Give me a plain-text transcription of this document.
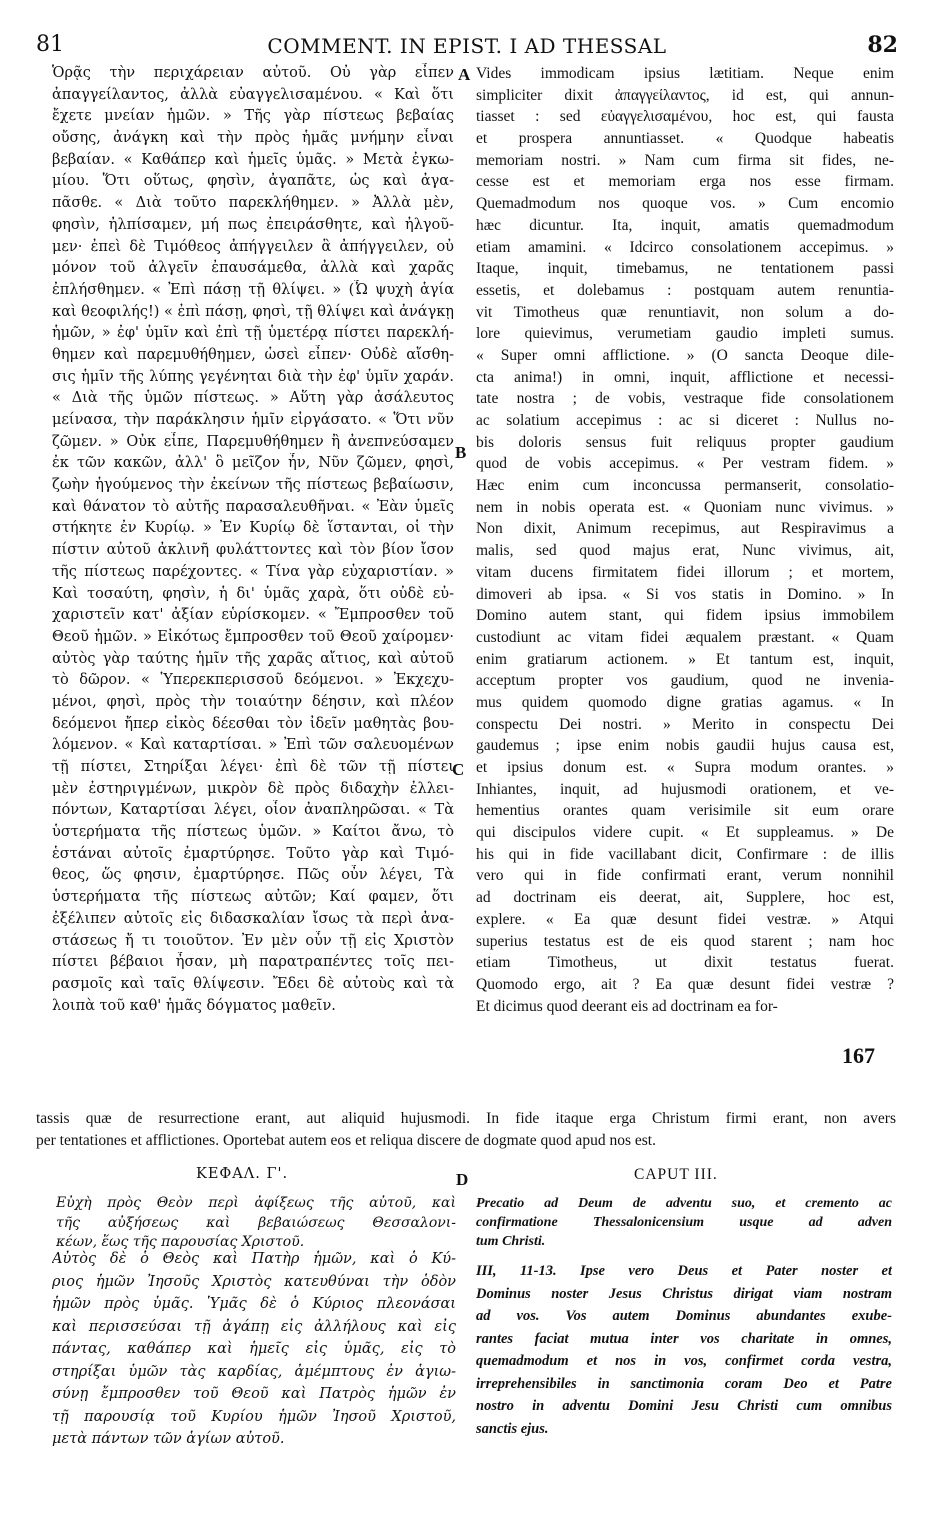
81	COMMENT. IN EPIST. I AD THESSAL	82
Ὁρᾷς τὴν περιχάρειαν αὐτοῦ. Οὐ γὰρ εἶπεν
ἀπαγγείλαντος, ἀλλὰ εὐαγγελισαμένου. « Καὶ ὅτι
ἔχετε μνείαν ἡμῶν. » Τῆς γὰρ πίστεως βεβαίας
οὔσης, ἀνάγκη καὶ τὴν πρὸς ἡμᾶς μνήμην εἶναι
βεβαίαν. « Καθάπερ καὶ ἡμεῖς ὑμᾶς. » Μετὰ ἐγκω-
μίου. Ὅτι οὕτως, φησὶν, ἀγαπᾶτε, ὡς καὶ ἀγα-
πᾶσθε. « Διὰ τοῦτο παρεκλήθημεν. » Ἀλλὰ μὲν,
φησὶν, ἠλπίσαμεν, μή πως ἐπειράσθητε, καὶ ἠλγοῦ-
μεν· ἐπεὶ δὲ Τιμόθεος ἀπήγγειλεν ἃ ἀπήγγειλεν, οὐ
μόνον τοῦ ἀλγεῖν ἐπαυσάμεθα, ἀλλὰ καὶ χαρᾶς
ἐπλήσθημεν. « Ἐπὶ πάσῃ τῇ θλίψει. » (Ὦ ψυχὴ ἁγία
καὶ θεοφιλής!) « ἐπὶ πάσῃ, φησὶ, τῇ θλίψει καὶ ἀνάγκῃ
ἡμῶν, » ἐφ' ὑμῖν καὶ ἐπὶ τῇ ὑμετέρᾳ πίστει παρεκλή-
θημεν καὶ παρεμυθήθημεν, ὡσεὶ εἶπεν· Οὐδὲ αἴσθη-
σις ἡμῖν τῆς λύπης γεγένηται διὰ τὴν ἐφ' ὑμῖν χαράν.
« Διὰ τῆς ὑμῶν πίστεως. » Αὕτη γὰρ ἀσάλευτος
μείνασα, τὴν παράκλησιν ἡμῖν εἰργάσατο. « Ὅτι νῦν
ζῶμεν. » Οὐκ εἶπε, Παρεμυθήθημεν ἢ ἀνεπνεύσαμεν
ἐκ τῶν κακῶν, ἀλλ' ὃ μεῖζον ἦν, Νῦν ζῶμεν, φησὶ,
ζωὴν ἡγούμενος τὴν ἐκείνων τῆς πίστεως βεβαίωσιν,
καὶ θάνατον τὸ αὐτῆς παρασαλευθῆναι. « Ἐὰν ὑμεῖς
στήκητε ἐν Κυρίῳ. » Ἐν Κυρίῳ δὲ ἵστανται, οἱ τὴν
πίστιν αὐτοῦ ἀκλινῆ φυλάττοντες καὶ τὸν βίον ἴσον
τῆς πίστεως παρέχοντες. « Τίνα γὰρ εὐχαριστίαν. »
Καὶ τοσαύτη, φησὶν, ἡ δι' ὑμᾶς χαρὰ, ὅτι οὐδὲ εὐ-
χαριστεῖν κατ' ἀξίαν εὑρίσκομεν. « Ἔμπροσθεν τοῦ
Θεοῦ ἡμῶν. » Εἰκότως ἔμπροσθεν τοῦ Θεοῦ χαίρομεν·
αὐτὸς γὰρ ταύτης ἡμῖν τῆς χαρᾶς αἴτιος, καὶ αὐτοῦ
τὸ δῶρον. « Ὑπερεκπερισσοῦ δεόμενοι. » Ἐκχεχυ-
μένοι, φησὶ, πρὸς τὴν τοιαύτην δέησιν, καὶ πλέον
δεόμενοι ἤπερ εἰκὸς δέεσθαι τὸν ἰδεῖν μαθητὰς βου-
λόμενον. « Καὶ καταρτίσαι. » Ἐπὶ τῶν σαλευομένων
τῇ πίστει, Στηρίξαι λέγει· ἐπὶ δὲ τῶν τῇ πίστει
μὲν ἐστηριγμένων, μικρὸν δὲ πρὸς διδαχὴν ἐλλει-
πόντων, Καταρτίσαι λέγει, οἷον ἀναπληρῶσαι. « Τὰ
ὑστερήματα τῆς πίστεως ὑμῶν. » Καίτοι ἄνω, τὸ
ἑστάναι αὐτοῖς ἐμαρτύρησε. Τοῦτο γὰρ καὶ Τιμό-
θεος, ὥς φησιν, ἐμαρτύρησε. Πῶς οὖν λέγει, Τὰ
ὑστερήματα τῆς πίστεως αὐτῶν; Καί φαμεν, ὅτι
ἐξέλιπεν αὐτοῖς εἰς διδασκαλίαν ἴσως τὰ περὶ ἀνα-
στάσεως ἤ τι τοιοῦτον. Ἐν μὲν οὖν τῇ εἰς Χριστὸν
πίστει βέβαιοι ἦσαν, μὴ παρατραπέντες τοῖς πει-
ρασμοῖς καὶ ταῖς θλίψεσιν. Ἔδει δὲ αὐτοὺς καὶ τὰ
λοιπὰ τοῦ καθ' ἡμᾶς δόγματος μαθεῖν.
Vides immodicam ipsius lætitiam. Neque enim
simpliciter dixit ἀπαγγείλαντος, id est, qui annun-
tiasset : sed εὐαγγελισαμένου, hoc est, qui fausta
et prospera annuntiasset. « Quodque habeatis
memoriam nostri. » Nam cum firma sit fides, ne-
cesse est et memoriam erga nos esse firmam.
Quemadmodum nos quoque vos. » Cum encomio
hæc dicuntur. Ita, inquit, amatis quemadmodum
etiam amamini. « Idcirco consolationem accepimus. »
Itaque, inquit, timebamus, ne tentationem passi
essetis, et dolebamus : postquam autem renuntia-
vit Timotheus quæ renuntiavit, non solum a do-
lore quievimus, verumetiam gaudio impleti sumus.
« Super omni afflictione. » (O sancta Deoque dile-
cta anima!) in omni, inquit, afflictione et necessi-
tate nostra ; de vobis, vestraque fide consolationem
ac solatium accepimus : ac si diceret : Nullus no-
bis doloris sensus fuit reliquus propter gaudium
quod de vobis accepimus. « Per vestram fidem. »
Hæc enim cum inconcussa permanserit, consolatio-
nem in nobis operata est. « Quoniam nunc vivimus. »
Non dixit, Animum recepimus, aut Respiravimus a
malis, sed quod majus erat, Nunc vivimus, ait,
vitam ducens firmitatem fidei illorum ; et mortem,
dimoveri ab ipsa. « Si vos statis in Domino. » In
Domino autem stant, qui fidem ipsius immobilem
custodiunt ac vitam fidei æqualem præstant. « Quam
enim gratiarum actionem. » Et tantum est, inquit,
acceptum propter vos gaudium, quod ne invenia-
mus quidem quomodo digne gratias agamus. « In
conspectu Dei nostri. » Merito in conspectu Dei
gaudemus ; ipse enim nobis gaudii hujus causa est,
et ipsius donum est. « Supra modum orantes. »
Inhiantes, inquit, ad hujusmodi orationem, et ve-
hementius orantes quam verisimile sit eum orare
qui discipulos videre cupit. « Et suppleamus. » De
his qui in fide vacillabant dicit, Confirmare : de illis
vero qui in fide confirmati erant, verum nonnihil
ad doctrinam eis deerat, ait, Supplere, hoc est,
explere. « Ea quæ desunt fidei vestræ. » Atqui
superius testatus est de eis quod starent ; nam hoc
etiam Timotheus, ut dixit testatus fuerat.
Quomodo ergo, ait ? Ea quæ desunt fidei vestræ ?
Et dicimus quod deerant eis ad doctrinam ea for-
A
B
C
D
167
tassis quæ de resurrectione erant, aut aliquid hujusmodi. In fide itaque erga Christum firmi erant, non avers
per tentationes et afflictiones. Oportebat autem eos et reliqua discere de dogmate quod apud nos est.
ΚΕΦΑΛ. Γ'.	CAPUT III.
Εὐχὴ πρὸς Θεὸν περὶ ἀφίξεως τῆς αὐτοῦ, καὶ
τῆς αὐξήσεως καὶ βεβαιώσεως Θεσσαλονι-
κέων, ἕως τῆς παρουσίας Χριστοῦ.
Precatio ad Deum de adventu suo, et cremento ac
confirmatione Thessalonicensium usque ad adven
tum Christi.
Αὐτὸς δὲ ὁ Θεὸς καὶ Πατὴρ ἡμῶν, καὶ ὁ Κύ-
ριος ἡμῶν Ἰησοῦς Χριστὸς κατευθύναι τὴν ὁδὸν
ἡμῶν πρὸς ὑμᾶς. Ὑμᾶς δὲ ὁ Κύριος πλεονάσαι
καὶ περισσεύσαι τῇ ἀγάπῃ εἰς ἀλλήλους καὶ εἰς
πάντας, καθάπερ καὶ ἡμεῖς εἰς ὑμᾶς, εἰς τὸ
στηρίξαι ὑμῶν τὰς καρδίας, ἀμέμπτους ἐν ἁγιω-
σύνῃ ἔμπροσθεν τοῦ Θεοῦ καὶ Πατρὸς ἡμῶν ἐν
τῇ παρουσίᾳ τοῦ Κυρίου ἡμῶν Ἰησοῦ Χριστοῦ,
μετὰ πάντων τῶν ἁγίων αὐτοῦ.
III, 11-13. Ipse vero Deus et Pater noster et
Dominus noster Jesus Christus dirigat viam nostram
ad vos. Vos autem Dominus abundantes exube-
rantes faciat mutua inter vos charitate in omnes,
quemadmodum et nos in vos, confirmet corda vestra,
irreprehensibiles in sanctimonia coram Deo et Patre
nostro in adventu Domini Jesu Christi cum omnibus
sanctis ejus.
